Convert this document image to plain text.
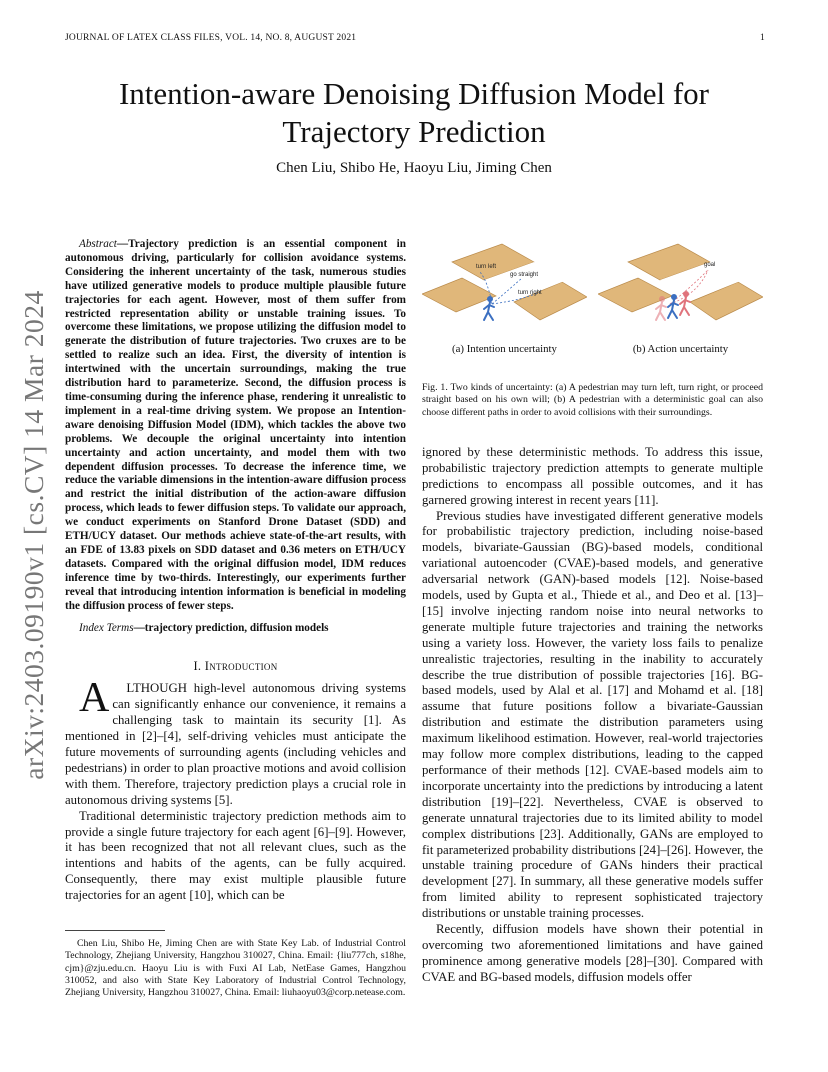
JOURNAL OF LATEX CLASS FILES, VOL. 14, NO. 8, AUGUST 2021	1
arXiv:2403.09190v1 [cs.CV] 14 Mar 2024
Intention-aware Denoising Diffusion Model for Trajectory Prediction
Chen Liu, Shibo He, Haoyu Liu, Jiming Chen

Abstract—Trajectory prediction is an essential component in autonomous driving, particularly for collision avoidance systems. Considering the inherent uncertainty of the task, numerous studies have utilized generative models to produce multiple plausible future trajectories for each agent. However, most of them suffer from restricted representation ability or unstable training issues. To overcome these limitations, we propose utilizing the diffusion model to generate the distribution of future trajectories. Two cruxes are to be settled to realize such an idea. First, the diversity of intention is intertwined with the uncertain surroundings, making the true distribution hard to parameterize. Second, the diffusion process is time-consuming during the inference phase, rendering it unrealistic to implement in a real-time driving system. We propose an Intention-aware denoising Diffusion Model (IDM), which tackles the above two problems. We decouple the original uncertainty into intention uncertainty and action uncertainty, and model them with two dependent diffusion processes. To decrease the inference time, we reduce the variable dimensions in the intention-aware diffusion process and restrict the initial distribution of the action-aware diffusion process, which leads to fewer diffusion steps. To validate our approach, we conduct experiments on Stanford Drone Dataset (SDD) and ETH/UCY dataset. Our methods achieve state-of-the-art results, with an FDE of 13.83 pixels on SDD dataset and 0.36 meters on ETH/UCY datasets. Compared with the original diffusion model, IDM reduces inference time by two-thirds. Interestingly, our experiments further reveal that introducing intention information is beneficial in modeling the diffusion process of fewer steps.

Index Terms—trajectory prediction, diffusion models

I. Introduction

A LTHOUGH high-level autonomous driving systems can significantly enhance our convenience, it remains a challenging task to maintain its security [1]. As mentioned in [2]–[4], self-driving vehicles must anticipate the future movements of surrounding agents (including vehicles and pedestrians) in order to plan proactive motions and avoid collision with them. Therefore, trajectory prediction plays a crucial role in autonomous driving systems [5].

Traditional deterministic trajectory prediction methods aim to provide a single future trajectory for each agent [6]–[9]. However, it has been recognized that not all relevant clues, such as the intentions and habits of the agents, can be fully acquired. Consequently, there may exist multiple plausible future trajectories for an agent [10], which can be

Chen Liu, Shibo He, Jiming Chen are with State Key Lab. of Industrial Control Technology, Zhejiang University, Hangzhou 310027, China. Email: {liu777ch, s18he, cjm}@zju.edu.cn. Haoyu Liu is with Fuxi AI Lab, NetEase Games, Hangzhou 310052, and also with State Key Laboratory of Industrial Control Technology, Zhejiang University, Hangzhou 310027, China. Email: liuhaoyu03@corp.netease.com.
turn left
go straight
turn right
(a) Intention uncertainty
goal
(b) Action uncertainty

Fig. 1. Two kinds of uncertainty: (a) A pedestrian may turn left, turn right, or proceed straight based on his own will; (b) A pedestrian with a deterministic goal can also choose different paths in order to avoid collisions with their surroundings.

ignored by these deterministic methods. To address this issue, probabilistic trajectory prediction attempts to generate multiple predictions to encompass all possible outcomes, and it has garnered growing interest in recent years [11].

Previous studies have investigated different generative models for probabilistic trajectory prediction, including noise-based models, bivariate-Gaussian (BG)-based models, conditional variational autoencoder (CVAE)-based models, and generative adversarial network (GAN)-based models [12]. Noise-based models, used by Gupta et al., Thiede et al., and Deo et al. [13]–[15] involve injecting random noise into neural networks to generate multiple future trajectories and training the networks using a variety loss. However, the variety loss fails to penalize unrealistic trajectories, resulting in the inability to accurately describe the true distribution of possible trajectories [16]. BG-based models, used by Alal et al. [17] and Mohamd et al. [18] assume that future positions follow a bivariate-Gaussian distribution and estimate the distribution parameters using maximum likelihood estimation. However, real-world trajectories may follow more complex distributions, leading to the capped performance of their methods [12]. CVAE-based models aim to incorporate uncertainty into the predictions by introducing a latent distribution [19]–[22]. Nevertheless, CVAE is observed to generate unnatural trajectories due to its limited ability to model complex distributions [23]. Additionally, GANs are employed to fit parameterized probability distributions [24]–[26]. However, the unstable training procedure of GANs hinders their practical development [27]. In summary, all these generative models suffer from limited ability to represent sophisticated trajectory distributions or unstable training processes.

Recently, diffusion models have shown their potential in overcoming two aforementioned limitations and have gained prominence among generative models [28]–[30]. Compared with CVAE and BG-based models, diffusion models offer
